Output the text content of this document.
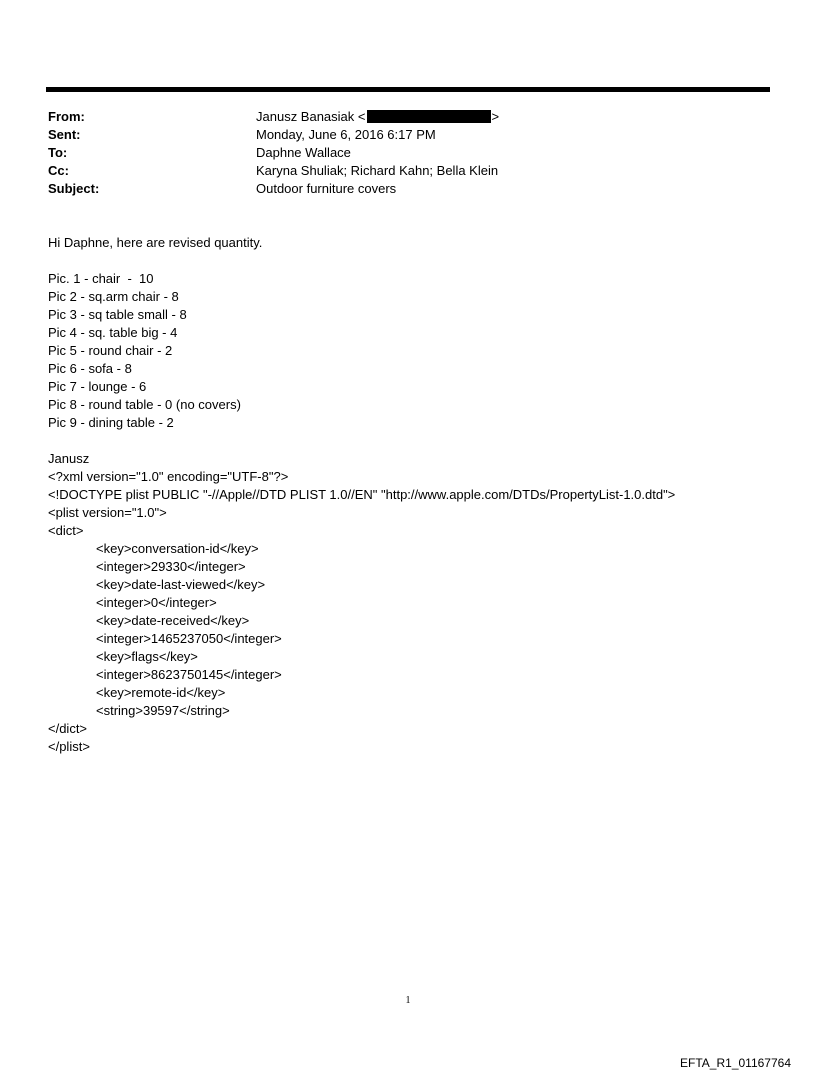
From:	Janusz Banasiak <	>
Sent:	Monday, June 6, 2016 6:17 PM
To:	Daphne Wallace
Cc:	Karyna Shuliak; Richard Kahn; Bella Klein
Subject:	Outdoor furniture covers
Hi Daphne, here are revised quantity.
Pic. 1 - chair  -  10
Pic 2 - sq.arm chair - 8
Pic 3 - sq table small - 8
Pic 4 - sq. table big - 4
Pic 5 - round chair - 2
Pic 6 - sofa - 8
Pic 7 - lounge - 6
Pic 8 - round table - 0 (no covers)
Pic 9 - dining table - 2
Janusz
<?xml version="1.0" encoding="UTF-8"?>
<!DOCTYPE plist PUBLIC "-//Apple//DTD PLIST 1.0//EN" "http://www.apple.com/DTDs/PropertyList-1.0.dtd">
<plist version="1.0">
<dict>
<key>conversation-id</key>
<integer>29330</integer>
<key>date-last-viewed</key>
<integer>0</integer>
<key>date-received</key>
<integer>1465237050</integer>
<key>flags</key>
<integer>8623750145</integer>
<key>remote-id</key>
<string>39597</string>
</dict>
</plist>
1
EFTA_R1_01167764
